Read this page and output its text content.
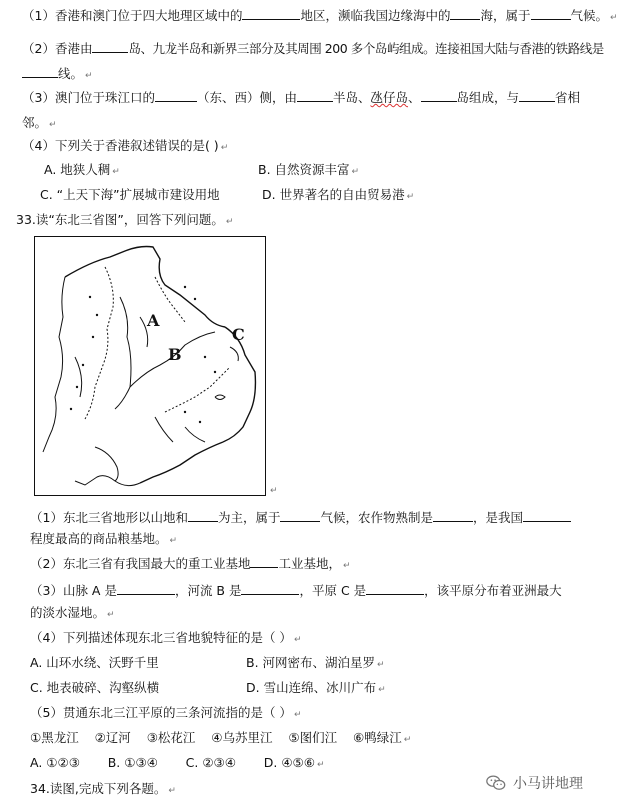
（1）香港和澳门位于四大地理区域中的	地区，濒临我国边缘海中的 海，属于	气候。 ↵
（2）香港由	岛、九龙半岛和新界三部分及其周围 200 多个岛屿组成。连接祖国大陆与香港的铁路线是
线。 ↵
（3）澳门位于珠江口的	（东、西）侧，由	半岛、氹仔岛、	岛组成，与	省相
邻。 ↵
（4）下列关于香港叙述错误的是( ) ↵
A. 地狭人稠 ↵	B. 自然资源丰富 ↵
C. “上天下海”扩展城市建设用地	D. 世界著名的自由贸易港 ↵
33.读“东北三省图”，回答下列问题。 ↵
A
B
C
↵
（1）东北三省地形以山地和 为主，属于	气候，农作物熟制是	，是我国
程度最高的商品粮基地。 ↵
（2）东北三省有我国最大的重工业基地 工业基地， ↵
（3）山脉 A 是	，河流 B 是	，平原 C 是	，该平原分布着亚洲最大
的淡水湿地。 ↵
（4）下列描述体现东北三省地貌特征的是（ ） ↵
A. 山环水绕、沃野千里	B. 河网密布、湖泊星罗 ↵
C. 地表破碎、沟壑纵横	D. 雪山连绵、冰川广布 ↵
（5）贯通东北三江平原的三条河流指的是（ ） ↵
①黑龙江    ②辽河    ③松花江    ④乌苏里江    ⑤图们江    ⑥鸭绿江 ↵
A. ①②③       B. ①③④       C. ②③④       D. ④⑤⑥ ↵
34.读图,完成下列各题。 ↵	小马讲地理
